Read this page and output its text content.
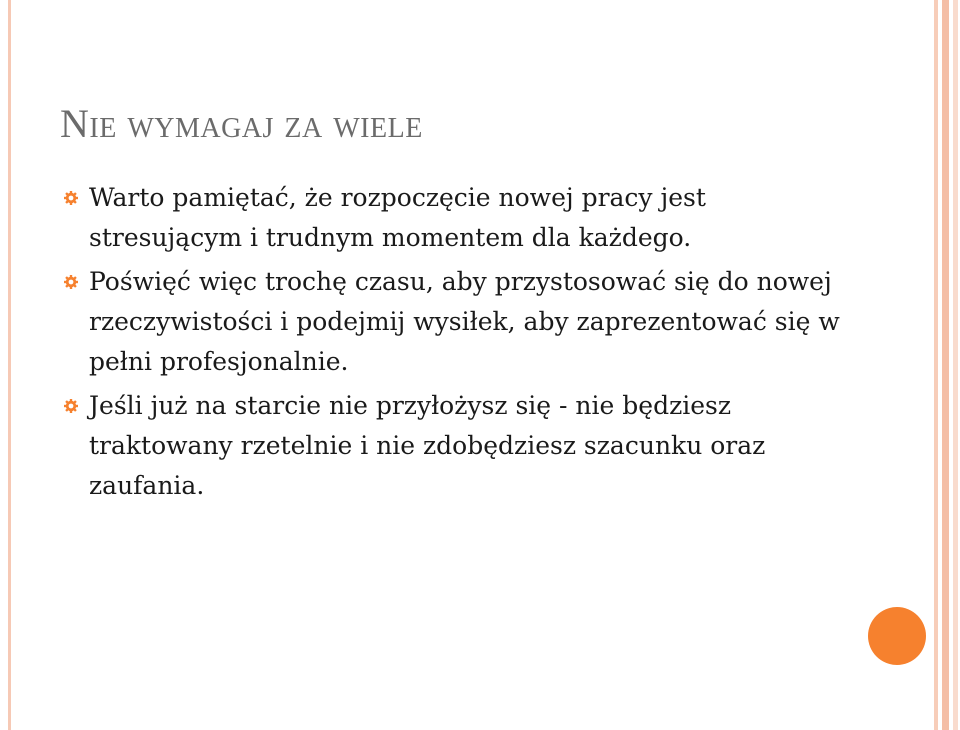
Nie wymagaj za wiele
Warto pamiętać, że rozpoczęcie nowej pracy jest stresującym i trudnym momentem dla każdego.
Poświęć więc trochę czasu, aby przystosować się do nowej rzeczywistości i podejmij wysiłek, aby zaprezentować się w pełni profesjonalnie.
Jeśli już na starcie nie przyłożysz się - nie będziesz traktowany rzetelnie i nie zdobędziesz szacunku oraz zaufania.
